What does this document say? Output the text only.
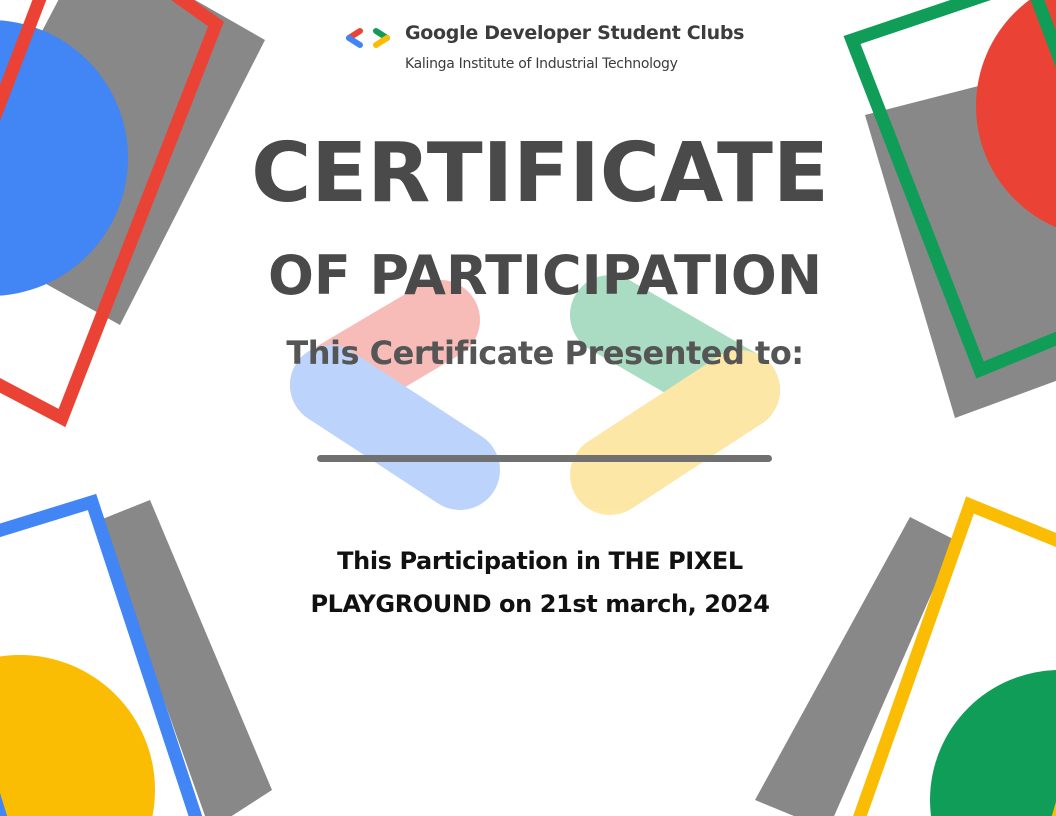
Google Developer Student Clubs
Kalinga Institute of Industrial Technology
CERTIFICATE
OF PARTICIPATION
This Certificate Presented to:
This Participation in THE PIXEL
PLAYGROUND on 21st march, 2024
